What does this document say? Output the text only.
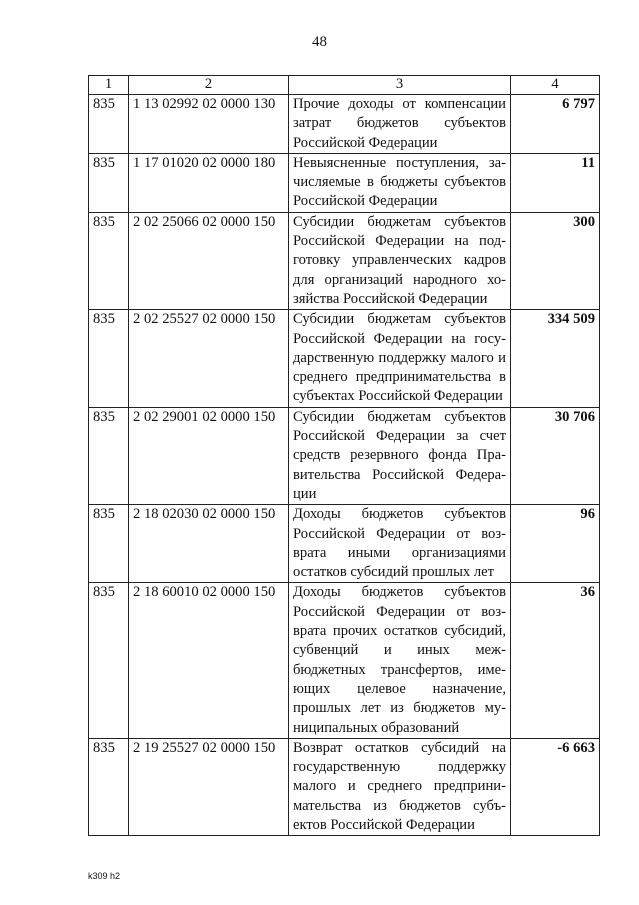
48
1	2	3	4
835	1 13 02992 02 0000 130	Прочие доходы от компенсации затрат бюджетов субъектов Российской Федерации	6 797
835	1 17 01020 02 0000 180	Невыясненные поступления, зачисляемые в бюджеты субъектов Российской Федерации	11
835	2 02 25066 02 0000 150	Субсидии бюджетам субъектов Российской Федерации на подготовку управленческих кадров для организаций народного хозяйства Российской Федерации	300
835	2 02 25527 02 0000 150	Субсидии бюджетам субъектов Российской Федерации на государственную поддержку малого и среднего предпринимательства в субъектах Российской Федерации	334 509
835	2 02 29001 02 0000 150	Субсидии бюджетам субъектов Российской Федерации за счет средств резервного фонда Правительства Российской Федерации	30 706
835	2 18 02030 02 0000 150	Доходы бюджетов субъектов Российской Федерации от возврата иными организациями остатков субсидий прошлых лет	96
835	2 18 60010 02 0000 150	Доходы бюджетов субъектов Российской Федерации от возврата прочих остатков субсидий, субвенций и иных межбюджетных трансфертов, имеющих целевое назначение, прошлых лет из бюджетов муниципальных образований	36
835	2 19 25527 02 0000 150	Возврат остатков субсидий на государственную поддержку малого и среднего предпринимательства из бюджетов субъектов Российской Федерации	-6 663
k309 h2
